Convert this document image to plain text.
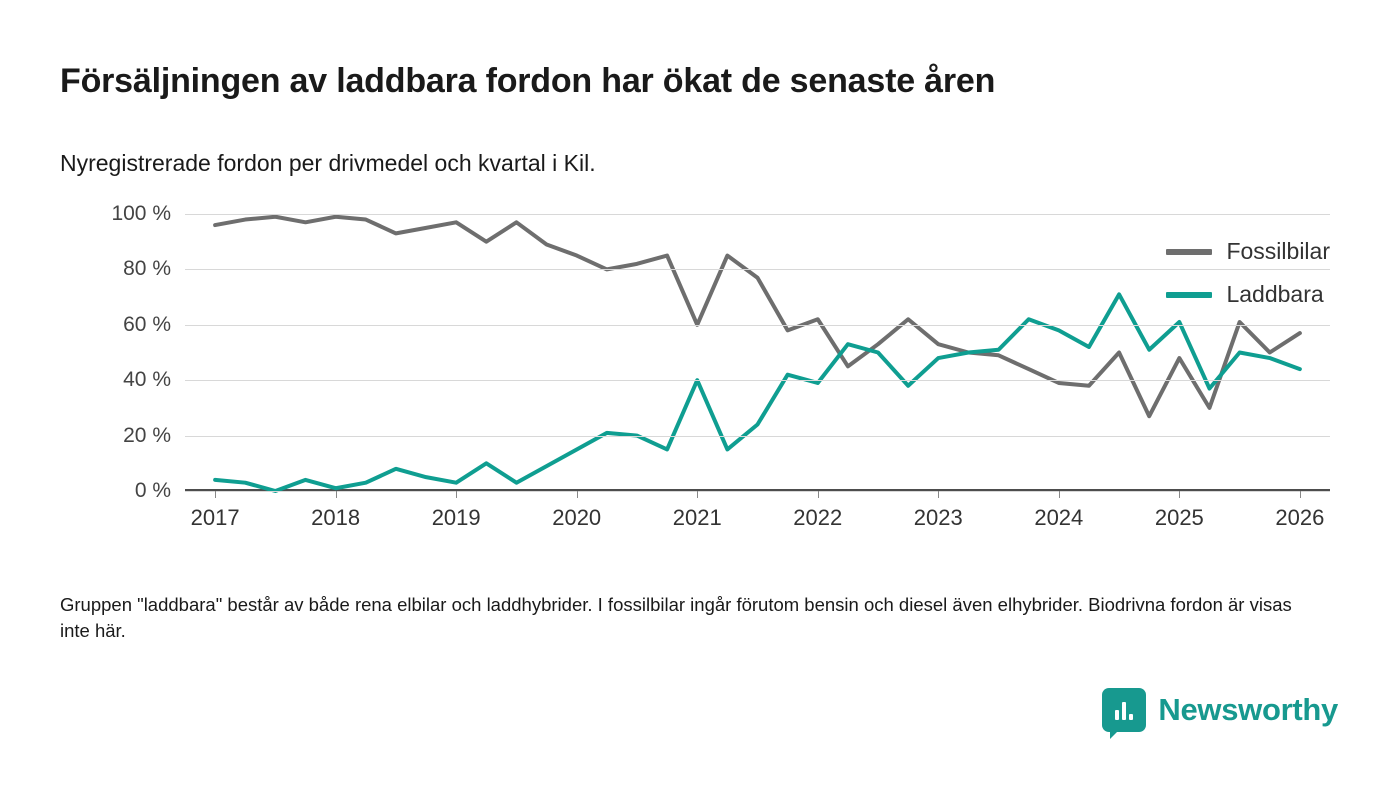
Försäljningen av laddbara fordon har ökat de senaste åren
Nyregistrerade fordon per drivmedel och kvartal i Kil.
0 %
20 %
40 %
60 %
80 %
100 %
2017	2018	2019	2020	2021	2022	2023	2024	2025	2026
Fossilbilar
Laddbara
Gruppen "laddbara" består av både rena elbilar och laddhybrider. I fossilbilar ingår förutom bensin och diesel även elhybrider. Biodrivna fordon är visas inte här.
Newsworthy
